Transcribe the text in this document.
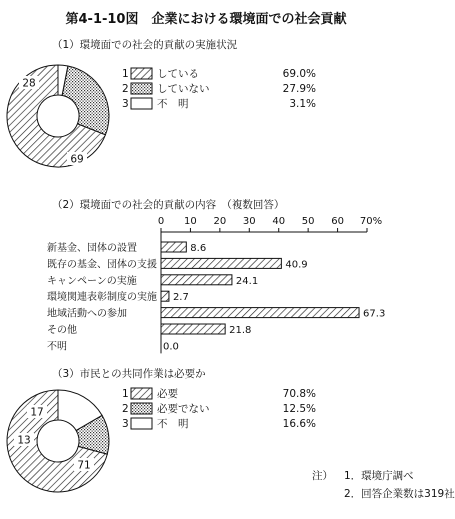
第4-1-10図　企業における環境面での社会貢献
（1）環境面での社会的貢献の実施状況
（2）環境面での社会的貢献の内容　（複数回答）
（3）市民との共同作業は必要か
69
28
1	している	69.0%
2	していない	27.9%
3	不　明	3.1%
0 10 20 30 40 50 60 70%
新基金、団体の設置	8.6
既存の基金、団体の支援	40.9
キャンペーンの実施	24.1
環境関連表彰制度の実施 2.7
地域活動への参加	67.3
その他	21.8
不明	0.0
71
13
17
1	必要	70.8%
2	必要でない	12.5%
3	不　明	16.6%
注） 1．環境庁調べ
2．回答企業数は319社
